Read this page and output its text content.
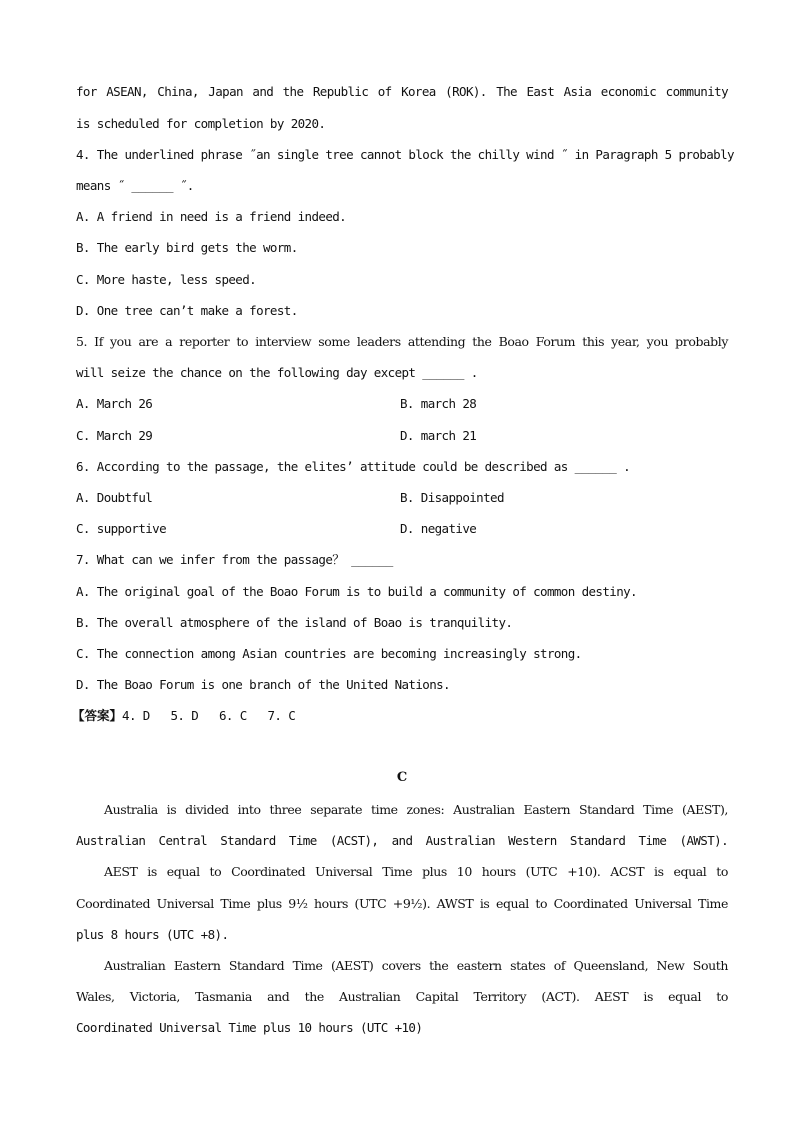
for ASEAN, China, Japan and the Republic of Korea (ROK). The East Asia economic community
is scheduled for completion by 2020.
4. The underlined phrase ˝an single tree cannot block the chilly wind ˝ in Paragraph 5 probably
means ˝ ______ ˝.
A. A friend in need is a friend indeed.
B. The early bird gets the worm.
C. More haste, less speed.
D. One tree can’t make a forest.
5. If you are a reporter to interview some leaders attending the Boao Forum this year, you probably
will seize the chance on the following day except ______ .
A. March 26	B. march 28
C. March 29	D. march 21
6. According to the passage, the elites’ attitude could be described as ______ .
A. Doubtful	B. Disappointed
C. supportive	D. negative
7. What can we infer from the passage？ ______
A. The original goal of the Boao Forum is to build a community of common destiny.
B. The overall atmosphere of the island of Boao is tranquility.
C. The connection among Asian countries are becoming increasingly strong.
D. The Boao Forum is one branch of the United Nations.
【答案】4. D   5. D   6. C   7. C
C
Australia is divided into three separate time zones: Australian Eastern Standard Time (AEST),
Australian Central Standard Time (ACST), and Australian Western Standard Time (AWST).
AEST is equal to Coordinated Universal Time plus 10 hours (UTC +10). ACST is equal to
Coordinated Universal Time plus 9½ hours (UTC +9½). AWST is equal to Coordinated Universal Time
plus 8 hours (UTC +8).
Australian Eastern Standard Time (AEST) covers the eastern states of Queensland, New South
Wales, Victoria, Tasmania and the Australian Capital Territory (ACT). AEST is equal to
Coordinated Universal Time plus 10 hours (UTC +10)
